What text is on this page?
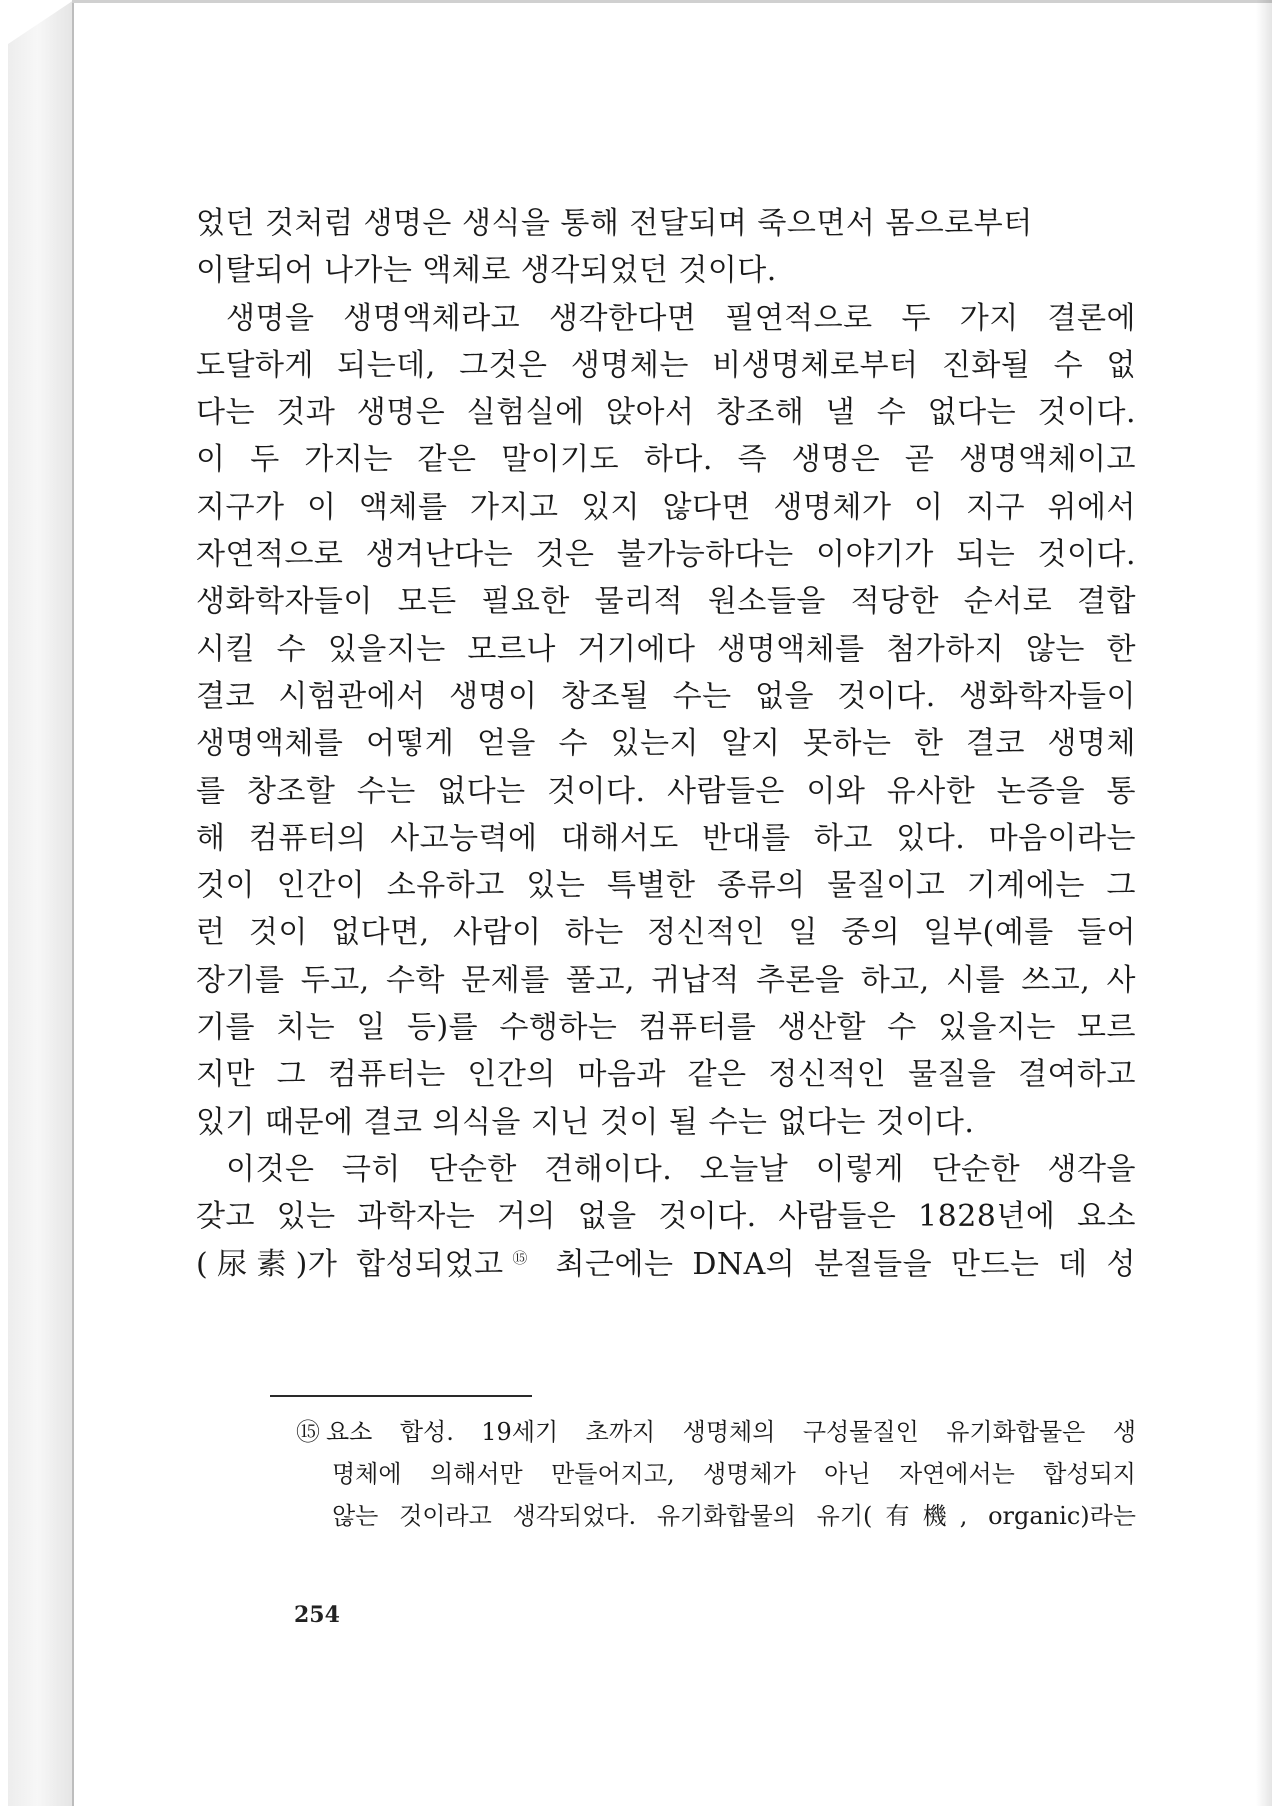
었던 것처럼 생명은 생식을 통해 전달되며 죽으면서 몸으로부터
이탈되어 나가는 액체로 생각되었던 것이다.
생명을 생명액체라고 생각한다면 필연적으로 두 가지 결론에
도달하게 되는데, 그것은 생명체는 비생명체로부터 진화될 수 없
다는 것과 생명은 실험실에 앉아서 창조해 낼 수 없다는 것이다.
이 두 가지는 같은 말이기도 하다. 즉 생명은 곧 생명액체이고
지구가 이 액체를 가지고 있지 않다면 생명체가 이 지구 위에서
자연적으로 생겨난다는 것은 불가능하다는 이야기가 되는 것이다.
생화학자들이 모든 필요한 물리적 원소들을 적당한 순서로 결합
시킬 수 있을지는 모르나 거기에다 생명액체를 첨가하지 않는 한
결코 시험관에서 생명이 창조될 수는 없을 것이다. 생화학자들이
생명액체를 어떻게 얻을 수 있는지 알지 못하는 한 결코 생명체
를 창조할 수는 없다는 것이다. 사람들은 이와 유사한 논증을 통
해 컴퓨터의 사고능력에 대해서도 반대를 하고 있다. 마음이라는
것이 인간이 소유하고 있는 특별한 종류의 물질이고 기계에는 그
런 것이 없다면, 사람이 하는 정신적인 일 중의 일부(예를 들어
장기를 두고, 수학 문제를 풀고, 귀납적 추론을 하고, 시를 쓰고, 사
기를 치는 일 등)를 수행하는 컴퓨터를 생산할 수 있을지는 모르
지만 그 컴퓨터는 인간의 마음과 같은 정신적인 물질을 결여하고
있기 때문에 결코 의식을 지닌 것이 될 수는 없다는 것이다.
이것은 극히 단순한 견해이다. 오늘날 이렇게 단순한 생각을
갖고 있는 과학자는 거의 없을 것이다. 사람들은 1828년에 요소
(尿素)가 합성되었고⑮ 최근에는 DNA의 분절들을 만드는 데 성
⑮ 요소 합성. 19세기 초까지 생명체의 구성물질인 유기화합물은 생
명체에 의해서만 만들어지고, 생명체가 아닌 자연에서는 합성되지
않는 것이라고 생각되었다. 유기화합물의 유기(有機, organic)라는
254
